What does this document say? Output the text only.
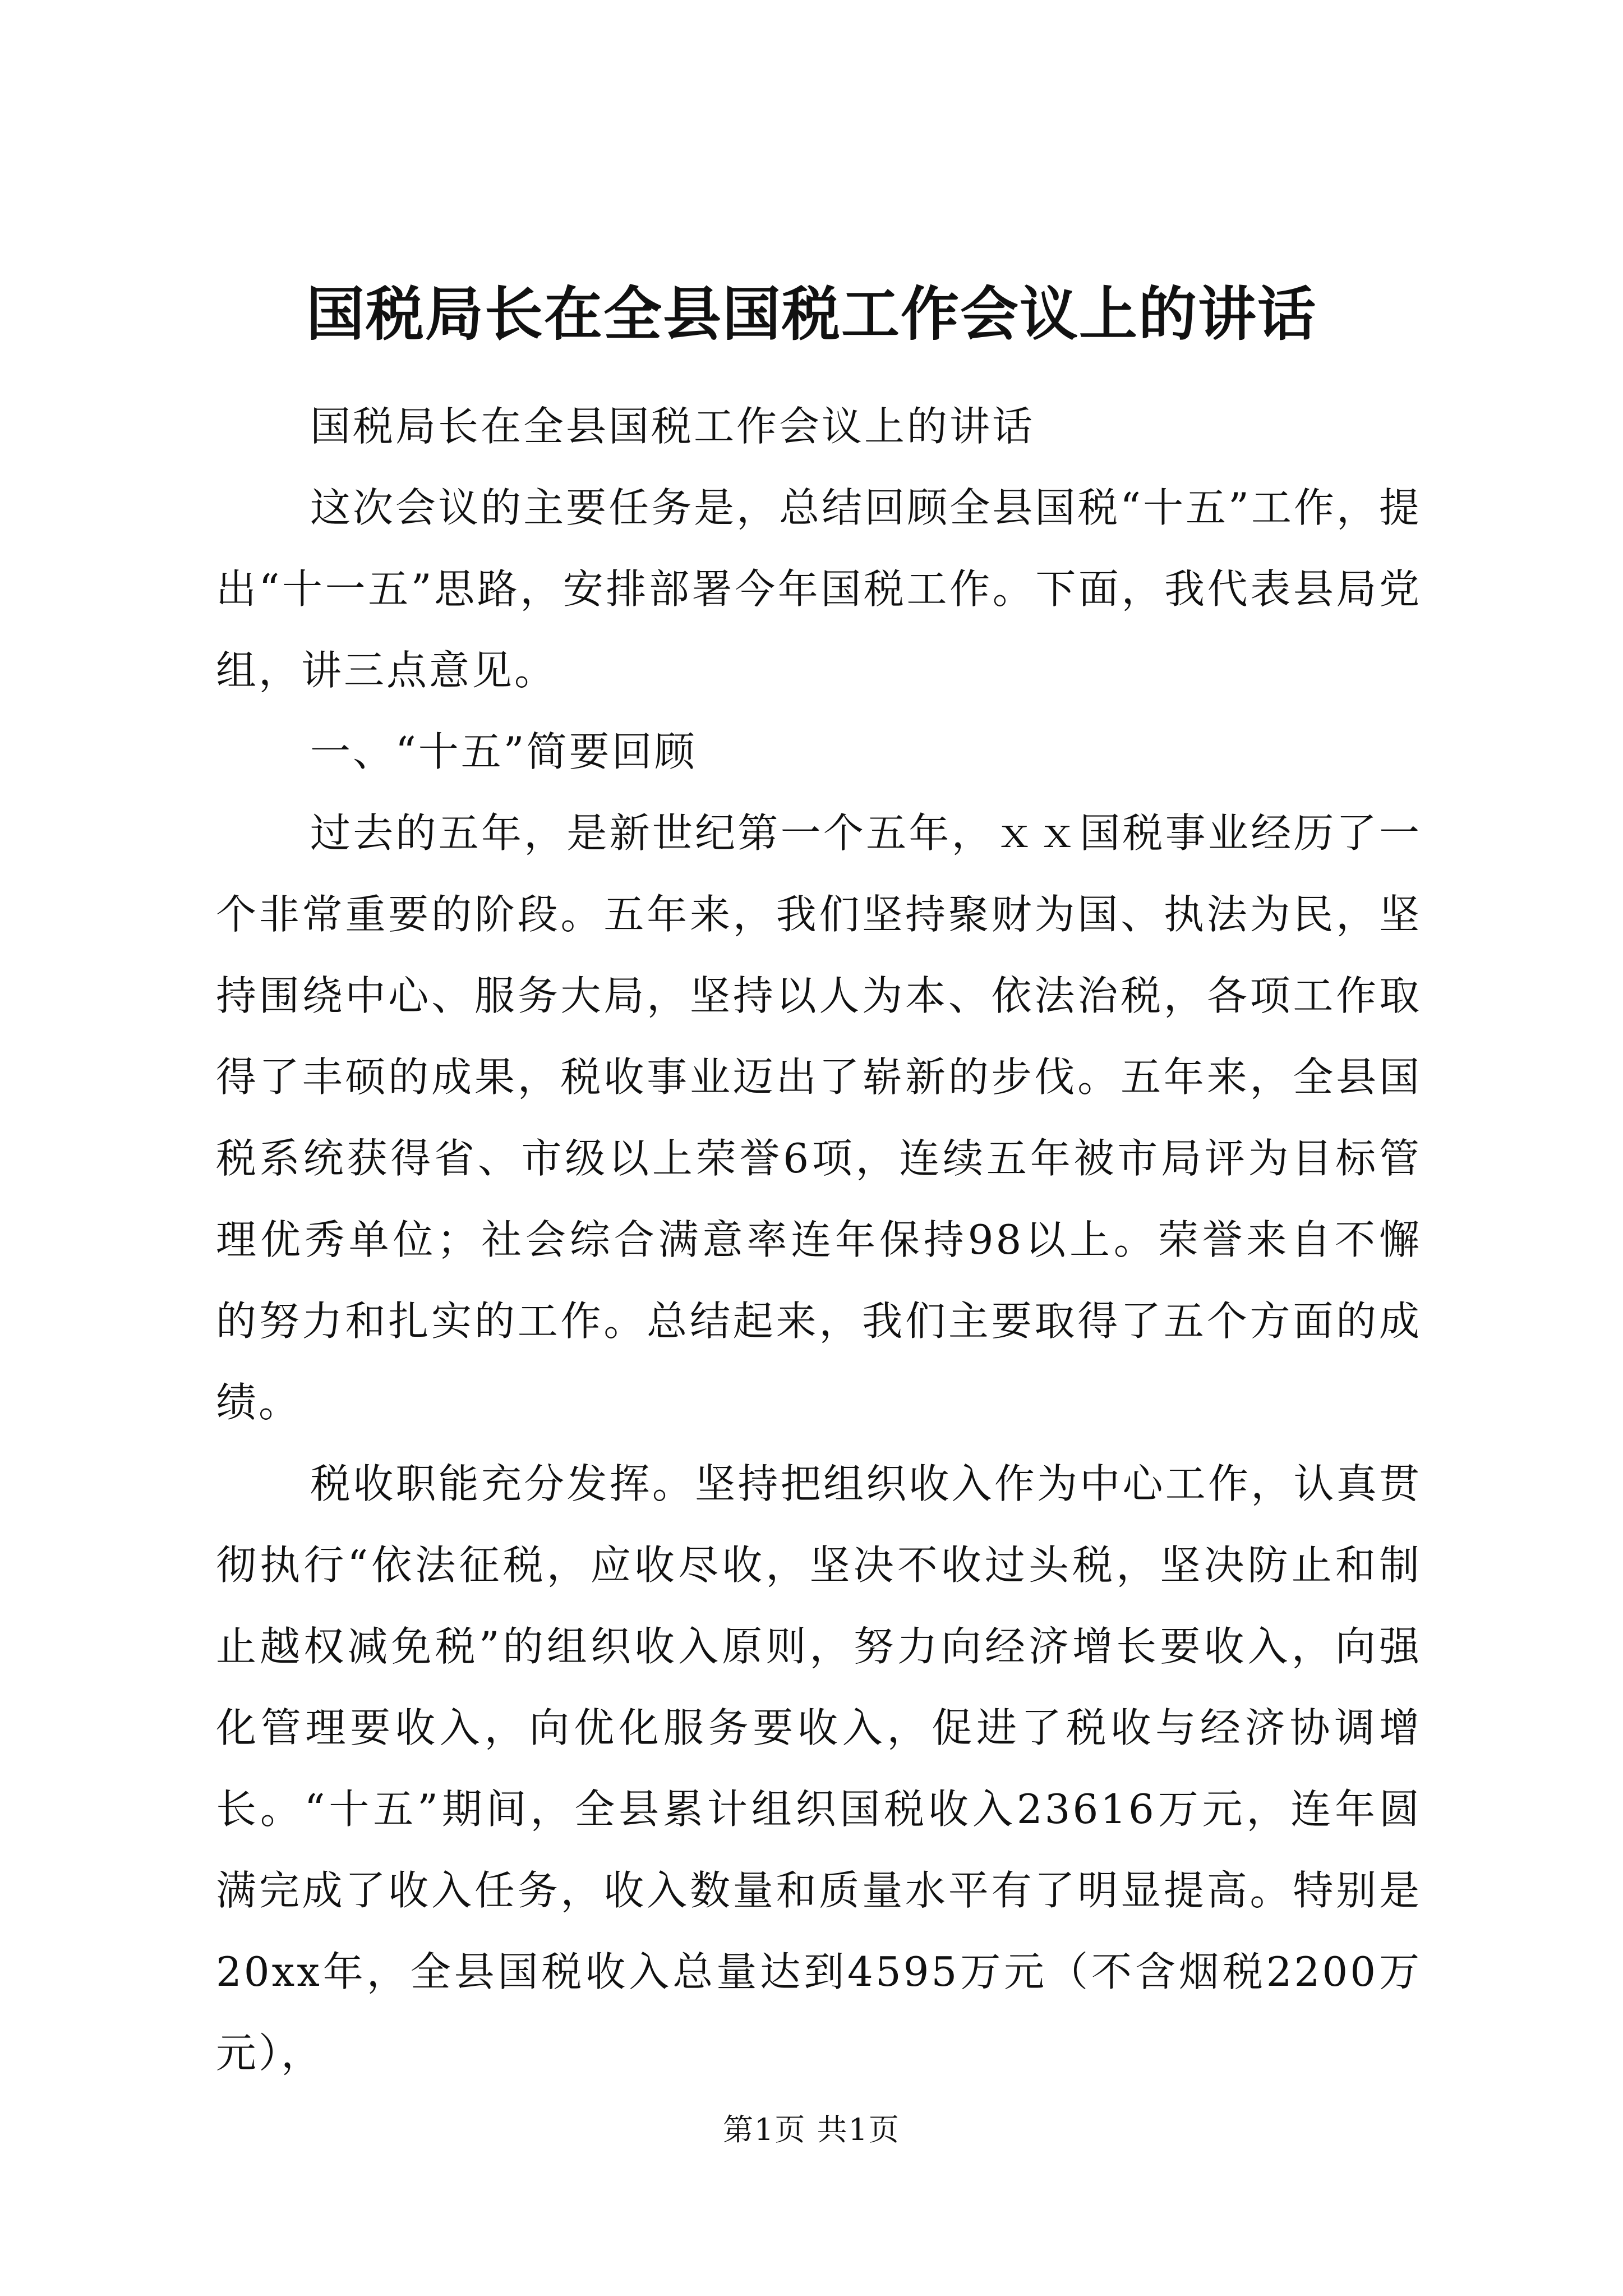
国税局长在全县国税工作会议上的讲话

国税局长在全县国税工作会议上的讲话

这次会议的主要任务是，总结回顾全县国税“十五”工作，提出“十一五”思路，安排部署今年国税工作。下面，我代表县局党组，讲三点意见。

一、“十五”简要回顾

过去的五年，是新世纪第一个五年，ｘｘ国税事业经历了一个非常重要的阶段。五年来，我们坚持聚财为国、执法为民，坚持围绕中心、服务大局，坚持以人为本、依法治税，各项工作取得了丰硕的成果，税收事业迈出了崭新的步伐。五年来，全县国税系统获得省、市级以上荣誉6项，连续五年被市局评为目标管理优秀单位；社会综合满意率连年保持98以上。荣誉来自不懈的努力和扎实的工作。总结起来，我们主要取得了五个方面的成绩。

税收职能充分发挥。坚持把组织收入作为中心工作，认真贯彻执行“依法征税，应收尽收，坚决不收过头税，坚决防止和制止越权减免税”的组织收入原则，努力向经济增长要收入，向强化管理要收入，向优化服务要收入，促进了税收与经济协调增长。“十五”期间，全县累计组织国税收入23616万元，连年圆满完成了收入任务，收入数量和质量水平有了明显提高。特别是20xx年，全县国税收入总量达到4595万元（不含烟税2200万元），

第1页 共1页
